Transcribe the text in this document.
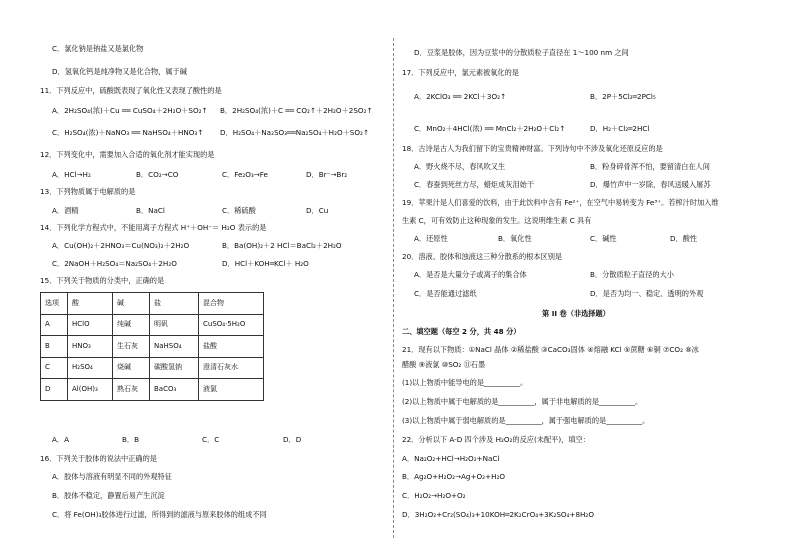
C．氯化钠是钠盐又是氯化物
D．氢氧化钙是纯净物又是化合物，属于碱
11．下列反应中，硫酸既表现了氧化性又表现了酸性的是
A．2H₂SO₄(浓)＋Cu ══ CuSO₄＋2H₂O＋SO₂↑ B．2H₂SO₄(浓)＋C ══ CO₂↑＋2H₂O＋2SO₂↑
C．H₂SO₄(浓)＋NaNO₃ ══ NaHSO₄＋HNO₃↑ D．H₂SO₄＋Na₂SO₃══Na₂SO₄＋H₂O＋SO₂↑
12．下列变化中，需要加入合适的氧化剂才能实现的是
A．HCl→H₂	B．CO₂→CO	C．Fe₂O₃→Fe	D．Br⁻→Br₂
13．下列物质属于电解质的是
A．酒精	B．NaCl	C．稀硫酸	D．Cu
14．下列化学方程式中，不能用离子方程式 H⁺＋OH⁻＝ H₂O 表示的是
A．Cu(OH)₂＋2HNO₃＝Cu(NO₃)₂＋2H₂O	B．Ba(OH)₂＋2 HCl＝BaCl₂＋2H₂O
C．2NaOH＋H₂SO₄＝Na₂SO₄＋2H₂O	D．HCl＋KOH═KCl＋ H₂O
15．下列关于物质的分类中，正确的是
选项	酸	碱	盐	混合物
A	HClO	纯碱	明矾	CuSO₄·5H₂O
B	HNO₃	生石灰	NaHSO₄	盐酸
C	H₂SO₄	烧碱	碳酸氢钠	澄清石灰水
D	Al(OH)₃	熟石灰	BaCO₃	液氯
A．A	B．B	C．C	D．D
16．下列关于胶体的说法中正确的是
A．胶体与溶液有明显不同的外观特征
B．胶体不稳定，静置后易产生沉淀
C．将 Fe(OH)₃胶体进行过滤，所得到的滤液与原来胶体的组成不同
D．豆浆是胶体，因为豆浆中的分散质粒子直径在 1～100 nm 之间
17．下列反应中，氯元素被氧化的是
A．2KClO₃ ══ 2KCl＋3O₂↑	B．2P＋5Cl₂═2PCl₅
C．MnO₂＋4HCl(浓) ══ MnCl₂＋2H₂O＋Cl₂↑	D．H₂＋Cl₂═2HCl
18．古诗是古人为我们留下的宝贵精神财富。下列诗句中不涉及氧化还原反应的是
A．野火烧不尽，春风吹又生	B．粉身碎骨浑不怕，要留清白在人间
C．春蚕到死丝方尽，蜡炬成灰泪始干	D．爆竹声中一岁除，春风送暖入屠苏
19．苹果汁是人们喜爱的饮料，由于此饮料中含有 Fe²⁺，在空气中易转变为 Fe³⁺。若榨汁时加入维
生素 C，可有效防止这种现象的发生。这说明维生素 C 具有
A．还原性	B．氧化性	C．碱性	D．酸性
20．溶液、胶体和浊液这三种分散系的根本区别是
A．是否是大量分子或离子的集合体	B．分散质粒子直径的大小
C．是否能通过滤纸	D．是否为均一、稳定、透明的外观
第 II 卷（非选择题）
二、填空题（每空 2 分，共 48 分）
21．现有以下物质：①NaCl 晶体 ②稀盐酸 ③CaCO₃固体 ④熔融 KCl ⑤蔗糖 ⑥铜 ⑦CO₂ ⑧冰
醋酸 ⑨液氯 ⑩SO₂ ⑪石墨
(1)以上物质中能导电的是__________。
(2)以上物质中属于电解质的是__________，属于非电解质的是__________。
(3)以上物质中属于弱电解质的是__________，属于强电解质的是__________。
22．分析以下 A-D 四个涉及 H₂O₂的反应(未配平)，填空：
A．Na₂O₂+HCl→H₂O₂+NaCl
B．Ag₂O+H₂O₂→Ag+O₂+H₂O
C．H₂O₂→H₂O+O₂
D．3H₂O₂+Cr₂(SO₄)₃+10KOH═2K₂CrO₄+3K₂SO₄+8H₂O
